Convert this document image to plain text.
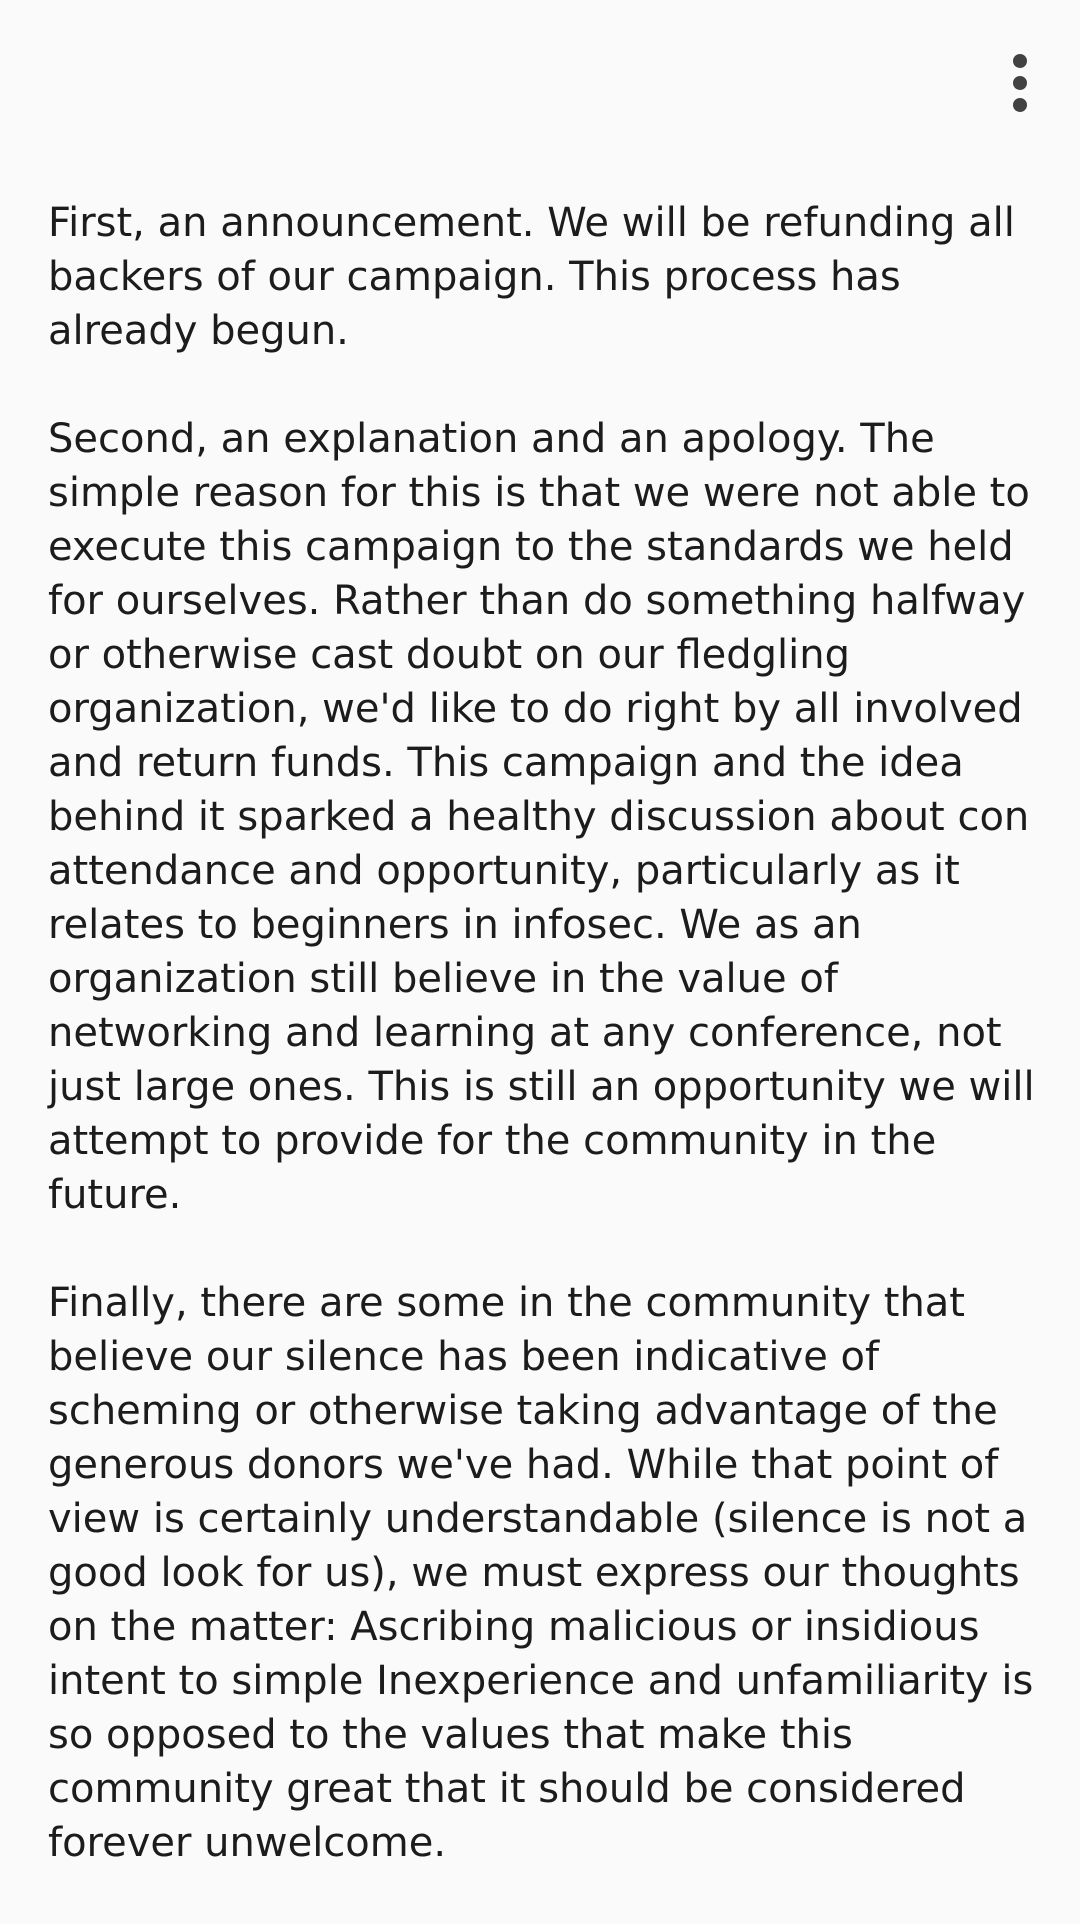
First, an announcement. We will be refunding all backers of our campaign. This process has already begun.

Second, an explanation and an apology. The simple reason for this is that we were not able to execute this campaign to the standards we held for ourselves. Rather than do something halfway or otherwise cast doubt on our fledgling organization, we'd like to do right by all involved and return funds. This campaign and the idea behind it sparked a healthy discussion about con attendance and opportunity, particularly as it relates to beginners in infosec. We as an organization still believe in the value of networking and learning at any conference, not just large ones. This is still an opportunity we will attempt to provide for the community in the future.

Finally, there are some in the community that believe our silence has been indicative of scheming or otherwise taking advantage of the generous donors we've had. While that point of view is certainly understandable (silence is not a good look for us), we must express our thoughts on the matter: Ascribing malicious or insidious intent to simple Inexperience and unfamiliarity is so opposed to the values that make this community great that it should be considered forever unwelcome.
